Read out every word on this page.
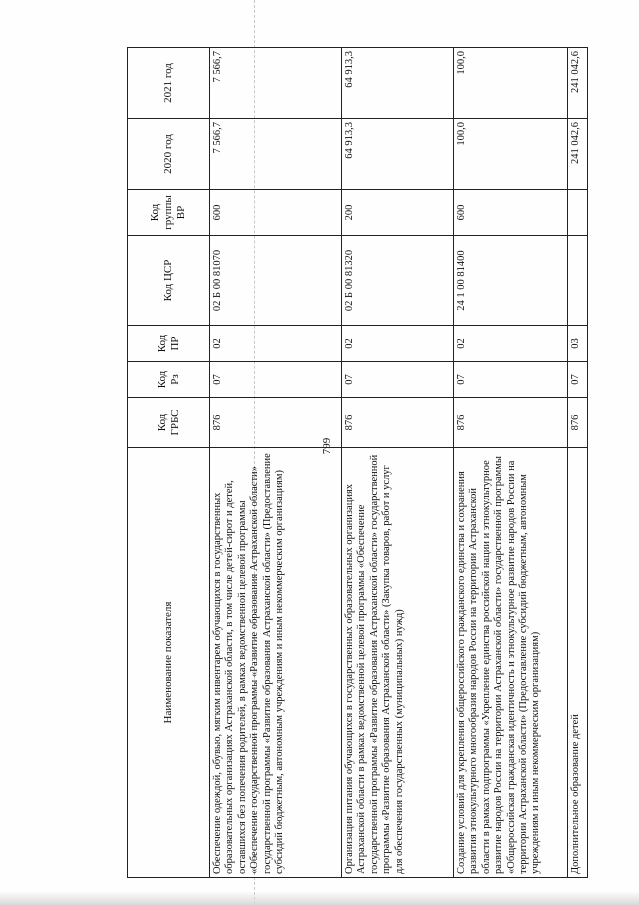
799
Наименование показателя	Код ГРБС	Код Рз	Код ПР	Код ЦСР	Код группы ВР	2020 год	2021 год
Обеспечение одеждой, обувью, мягким инвентарем обучающихся в государственных образовательных организациях Астраханской области, в том числе детей-сирот и детей, оставшихся без попечения родителей, в рамках ведомственной целевой программы «Обеспечение государственной программы «Развитие образования Астраханской области» государственной программы «Развитие образования Астраханской области» (Предоставление субсидий бюджетным, автономным учреждениям и иным некоммерческим организациям)	876	07	02	02 Б 00 81070	600	7 566,7	7 566,7
Организация питания обучающихся в государственных образовательных организациях Астраханской области в рамках ведомственной целевой программы «Обеспечение государственной программы «Развитие образования Астраханской области» государственной программы «Развитие образования Астраханской области» (Закупка товаров, работ и услуг для обеспечения государственных (муниципальных) нужд)	876	07	02	02 Б 00 81320	200	64 913,3	64 913,3
Создание условий для укрепления общероссийского гражданского единства и сохранения развития этнокультурного многообразия народов России на территории Астраханской области в рамках подпрограммы «Укрепление единства российской нации и этнокультурное развитие народов России на территории Астраханской области» государственной программы «Общероссийская гражданская идентичность и этнокультурное развитие народов России на территории Астраханской области» (Предоставление субсидий бюджетным, автономным учреждениям и иным некоммерческим организациям)	876	07	02	24 1 00 81400	600	100,0	100,0
Дополнительное образование детей	876	07	03			241 042,6	241 042,6
